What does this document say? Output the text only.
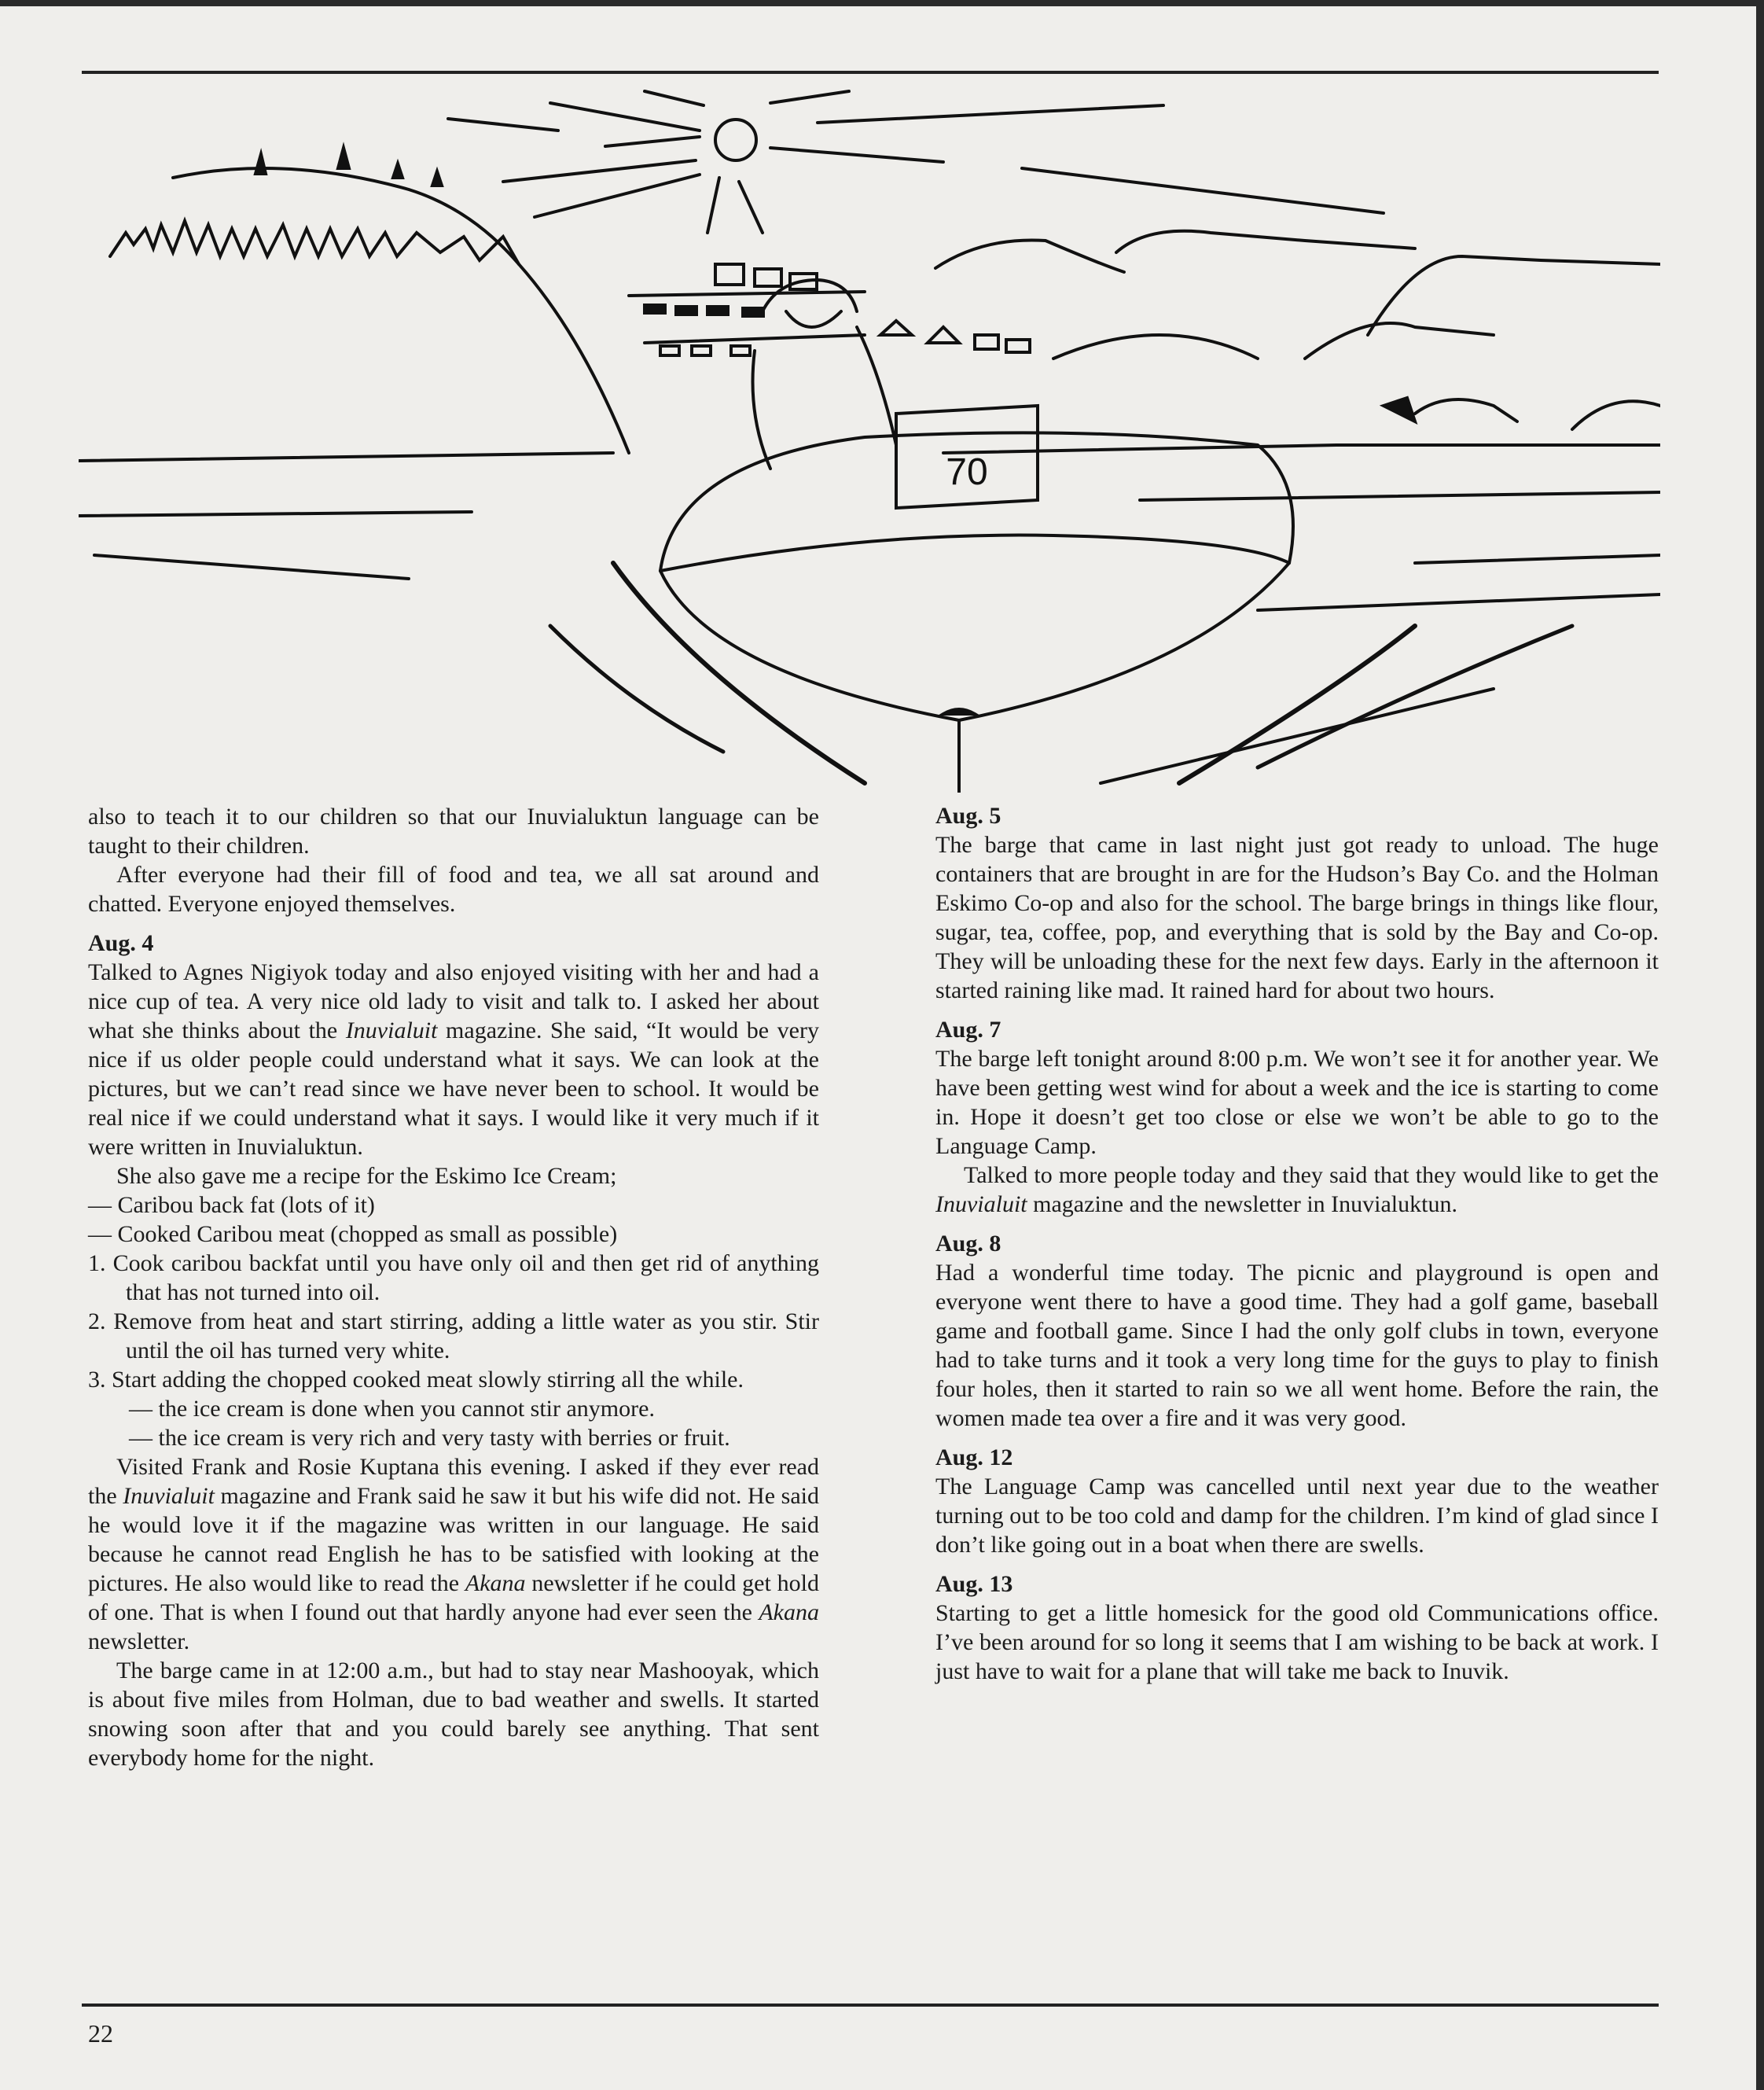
70

also to teach it to our children so that our Inuvialuktun language can be taught to their children.

After everyone had their fill of food and tea, we all sat around and chatted. Everyone enjoyed themselves.

Aug. 4

Talked to Agnes Nigiyok today and also enjoyed visiting with her and had a nice cup of tea. A very nice old lady to visit and talk to. I asked her about what she thinks about the Inuvialuit magazine. She said, “It would be very nice if us older people could understand what it says. We can look at the pictures, but we can’t read since we have never been to school. It would be real nice if we could understand what it says. I would like it very much if it were written in Inuvialuktun.

She also gave me a recipe for the Eskimo Ice Cream;

— Caribou back fat (lots of it)

— Cooked Caribou meat (chopped as small as possible)

1. Cook caribou backfat until you have only oil and then get rid of anything that has not turned into oil.

2. Remove from heat and start stirring, adding a little water as you stir. Stir until the oil has turned very white.

3. Start adding the chopped cooked meat slowly stirring all the while.

— the ice cream is done when you cannot stir anymore.

— the ice cream is very rich and very tasty with berries or fruit.

Visited Frank and Rosie Kuptana this evening. I asked if they ever read the Inuvialuit magazine and Frank said he saw it but his wife did not. He said he would love it if the magazine was written in our language. He said because he cannot read English he has to be satisfied with looking at the pictures. He also would like to read the Akana newsletter if he could get hold of one. That is when I found out that hardly anyone had ever seen the Akana newsletter.

The barge came in at 12:00 a.m., but had to stay near Mashooyak, which is about five miles from Holman, due to bad weather and swells. It started snowing soon after that and you could barely see anything. That sent everybody home for the night.

Aug. 5

The barge that came in last night just got ready to unload. The huge containers that are brought in are for the Hudson’s Bay Co. and the Holman Eskimo Co-op and also for the school. The barge brings in things like flour, sugar, tea, coffee, pop, and everything that is sold by the Bay and Co-op. They will be unloading these for the next few days. Early in the afternoon it started raining like mad. It rained hard for about two hours.

Aug. 7

The barge left tonight around 8:00 p.m. We won’t see it for another year. We have been getting west wind for about a week and the ice is starting to come in. Hope it doesn’t get too close or else we won’t be able to go to the Language Camp.

Talked to more people today and they said that they would like to get the Inuvialuit magazine and the newsletter in Inuvialuktun.

Aug. 8

Had a wonderful time today. The picnic and playground is open and everyone went there to have a good time. They had a golf game, baseball game and football game. Since I had the only golf clubs in town, everyone had to take turns and it took a very long time for the guys to play to finish four holes, then it started to rain so we all went home. Before the rain, the women made tea over a fire and it was very good.

Aug. 12

The Language Camp was cancelled until next year due to the weather turning out to be too cold and damp for the children. I’m kind of glad since I don’t like going out in a boat when there are swells.

Aug. 13

Starting to get a little homesick for the good old Communications office. I’ve been around for so long it seems that I am wishing to be back at work. I just have to wait for a plane that will take me back to Inuvik.

22
